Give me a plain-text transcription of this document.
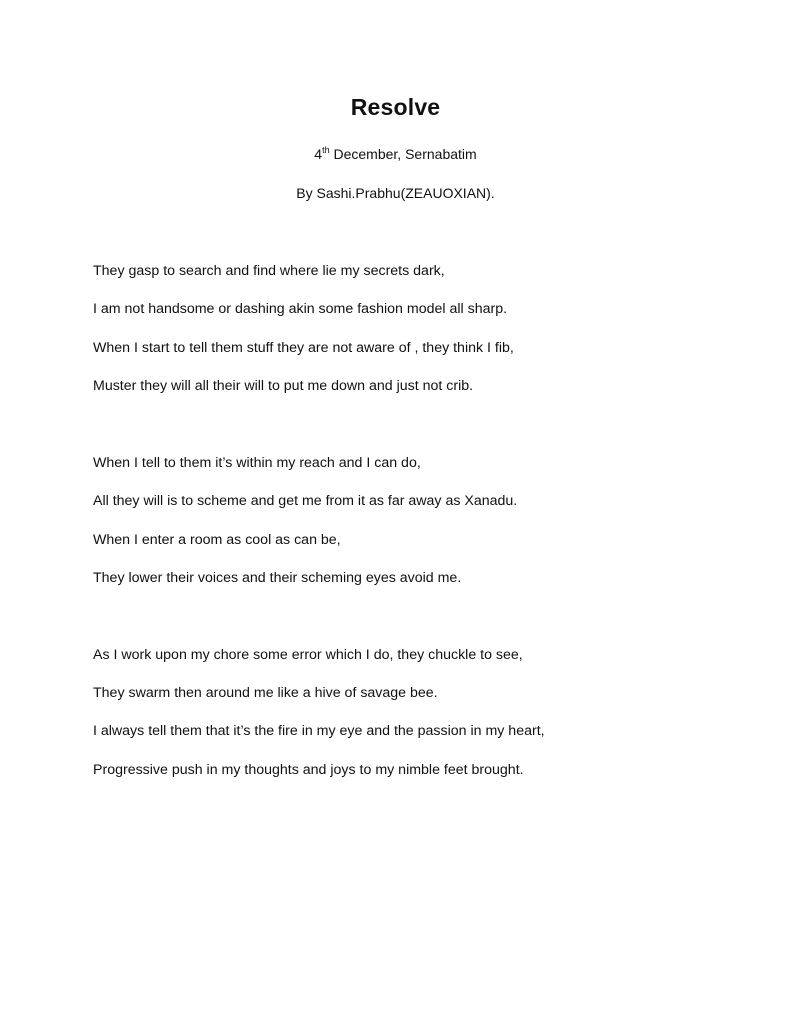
Resolve

4th December, Sernabatim

By Sashi.Prabhu(ZEAUOXIAN).

They gasp to search and find where lie my secrets dark,

I am not handsome or dashing akin some fashion model all sharp.

When I start to tell them stuff they are not aware of , they think I fib,

Muster they will all their will to put me down and just not crib.

When I tell to them it’s within my reach and I can do,

All they will is to scheme and get me from it as far away as Xanadu.

When I enter a room as cool as can be,

They lower their voices and their scheming eyes avoid me.

As I work upon my chore some error which I do, they chuckle to see,

They swarm then around me like a hive of savage bee.

I always tell them that it’s the fire in my eye and the passion in my heart,

Progressive push in my thoughts and joys to my nimble feet brought.
